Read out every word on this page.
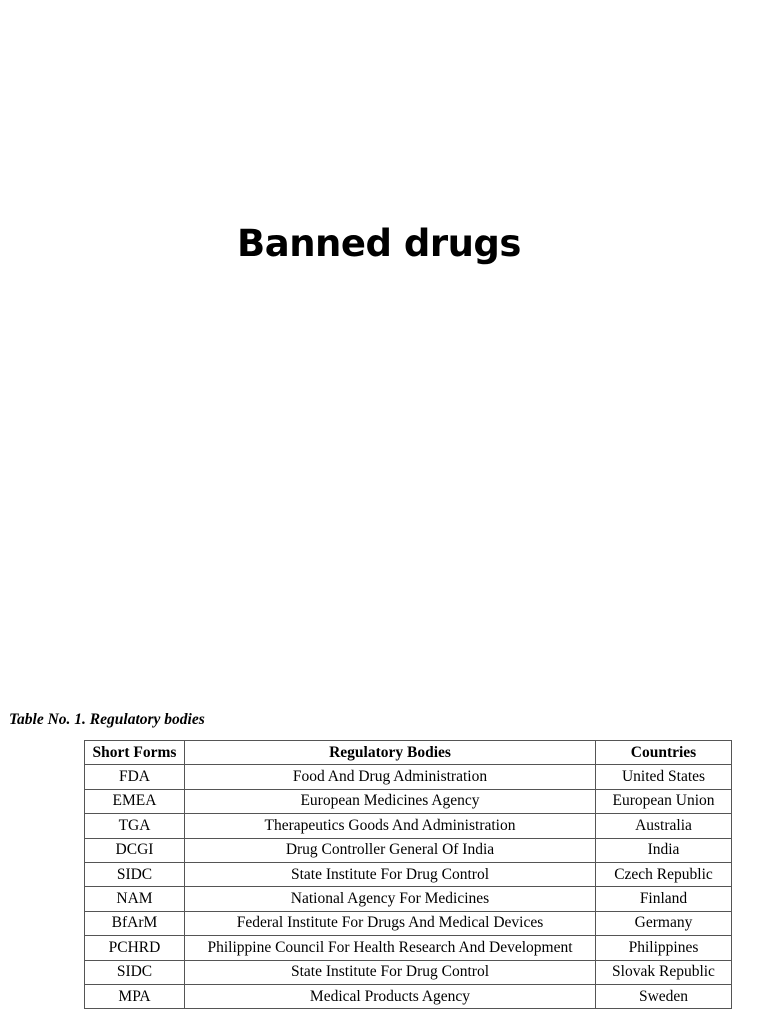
Banned drugs
Table No. 1. Regulatory bodies
Short Forms	Regulatory Bodies	Countries
FDA	Food And Drug Administration	United States
EMEA	European Medicines Agency	European Union
TGA	Therapeutics Goods And Administration	Australia
DCGI	Drug Controller General Of India	India
SIDC	State Institute For Drug Control	Czech Republic
NAM	National Agency For Medicines	Finland
BfArM	Federal Institute For Drugs And Medical Devices	Germany
PCHRD	Philippine Council For Health Research And Development	Philippines
SIDC	State Institute For Drug Control	Slovak Republic
MPA	Medical Products Agency	Sweden
